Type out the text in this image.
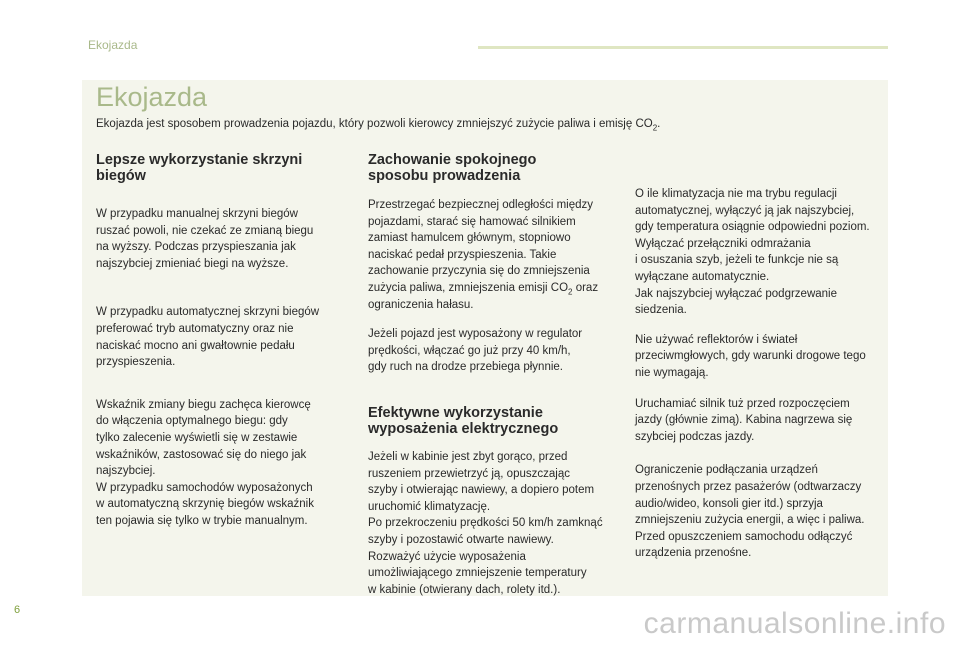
Ekojazda
Ekojazda
Ekojazda jest sposobem prowadzenia pojazdu, który pozwoli kierowcy zmniejszyć zużycie paliwa i emisję $CO_2$.
Lepsze wykorzystanie skrzyni
biegów

W przypadku manualnej skrzyni biegów
ruszać powoli, nie czekać ze zmianą biegu
na wyższy. Podczas przyspieszania jak
najszybciej zmieniać biegi na wyższe.

W przypadku automatycznej skrzyni biegów
preferować tryb automatyczny oraz nie
naciskać mocno ani gwałtownie pedału
przyspieszenia.

Wskaźnik zmiany biegu zachęca kierowcę
do włączenia optymalnego biegu: gdy
tylko zalecenie wyświetli się w zestawie
wskaźników, zastosować się do niego jak
najszybciej.
W przypadku samochodów wyposażonych
w automatyczną skrzynię biegów wskaźnik
ten pojawia się tylko w trybie manualnym.

Zachowanie spokojnego
sposobu prowadzenia

Przestrzegać bezpiecznej odległości między
pojazdami, starać się hamować silnikiem
zamiast hamulcem głównym, stopniowo
naciskać pedał przyspieszenia. Takie
zachowanie przyczynia się do zmniejszenia
zużycia paliwa, zmniejszenia emisji $CO_2$ oraz
ograniczenia hałasu.

Jeżeli pojazd jest wyposażony w regulator
prędkości, włączać go już przy 40 km/h,
gdy ruch na drodze przebiega płynnie.

Efektywne wykorzystanie
wyposażenia elektrycznego

Jeżeli w kabinie jest zbyt gorąco, przed
ruszeniem przewietrzyć ją, opuszczając
szyby i otwierając nawiewy, a dopiero potem
uruchomić klimatyzację.
Po przekroczeniu prędkości 50 km/h zamknąć
szyby i pozostawić otwarte nawiewy.
Rozważyć użycie wyposażenia
umożliwiającego zmniejszenie temperatury
w kabinie (otwierany dach, rolety itd.).

O ile klimatyzacja nie ma trybu regulacji
automatycznej, wyłączyć ją jak najszybciej,
gdy temperatura osiągnie odpowiedni poziom.
Wyłączać przełączniki odmrażania
i osuszania szyb, jeżeli te funkcje nie są
wyłączane automatycznie.
Jak najszybciej wyłączać podgrzewanie
siedzenia.

Nie używać reflektorów i świateł
przeciwmgłowych, gdy warunki drogowe tego
nie wymagają.

Uruchamiać silnik tuż przed rozpoczęciem
jazdy (głównie zimą). Kabina nagrzewa się
szybciej podczas jazdy.

Ograniczenie podłączania urządzeń
przenośnych przez pasażerów (odtwarzaczy
audio/wideo, konsoli gier itd.) sprzyja
zmniejszeniu zużycia energii, a więc i paliwa.
Przed opuszczeniem samochodu odłączyć
urządzenia przenośne.

6	carmanualsonline.info
